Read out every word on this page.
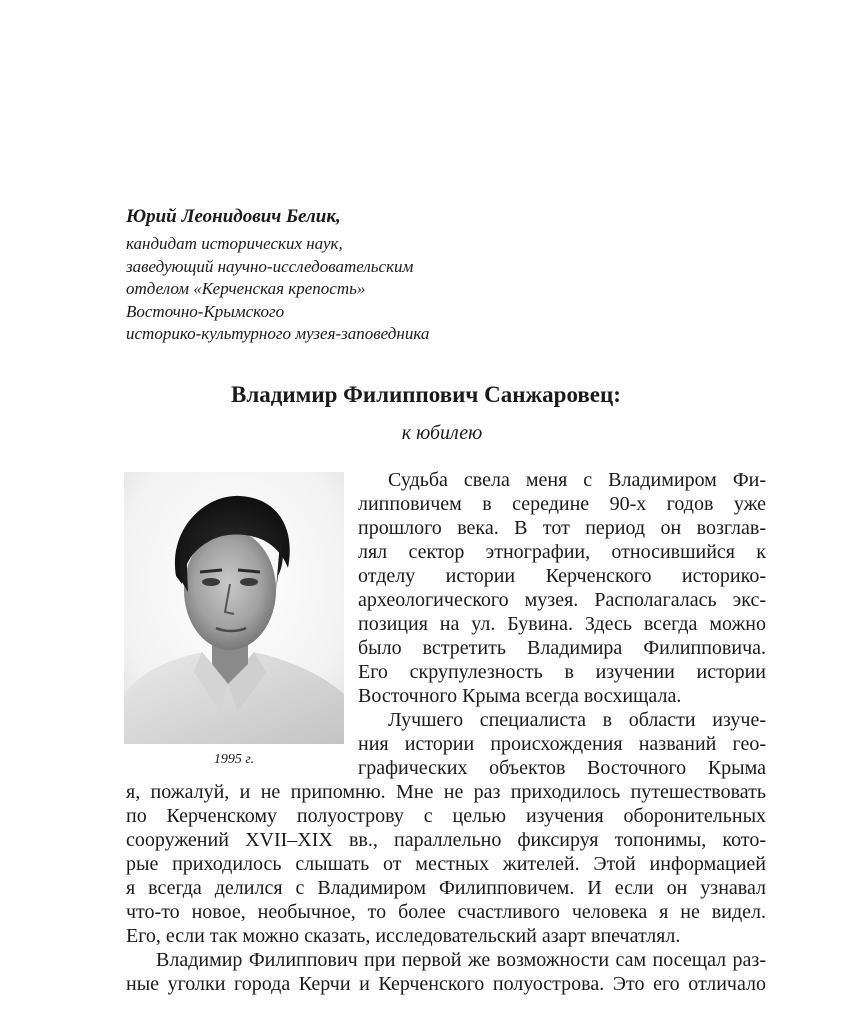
Юрий Леонидович Белик,
кандидат исторических наук,
заведующий научно-исследовательским
отделом «Керченская крепость»
Восточно-Крымского
историко-культурного музея-заповедника
Владимир Филиппович Санжаровец:
к юбилею
1995 г.
Судьба свела меня с Владимиром Фи-
липповичем в середине 90-х годов уже
прошлого века. В тот период он возглав-
лял сектор этнографии, относившийся к
отделу истории Керченского историко-
археологического музея. Располагалась экс-
позиция на ул. Бувина. Здесь всегда можно
было встретить Владимира Филипповича.
Его скрупулезность в изучении истории
Восточного Крыма всегда восхищала.
Лучшего специалиста в области изуче-
ния истории происхождения названий гео-
графических объектов Восточного Крыма
я, пожалуй, и не припомню. Мне не раз приходилось путешествовать
по Керченскому полуострову с целью изучения оборонительных
сооружений XVII–XIX вв., параллельно фиксируя топонимы, кото-
рые приходилось слышать от местных жителей. Этой информацией
я всегда делился с Владимиром Филипповичем. И если он узнавал
что-то новое, необычное, то более счастливого человека я не видел.
Его, если так можно сказать, исследовательский азарт впечатлял.
Владимир Филиппович при первой же возможности сам посещал раз-
ные уголки города Керчи и Керченского полуострова. Это его отличало
